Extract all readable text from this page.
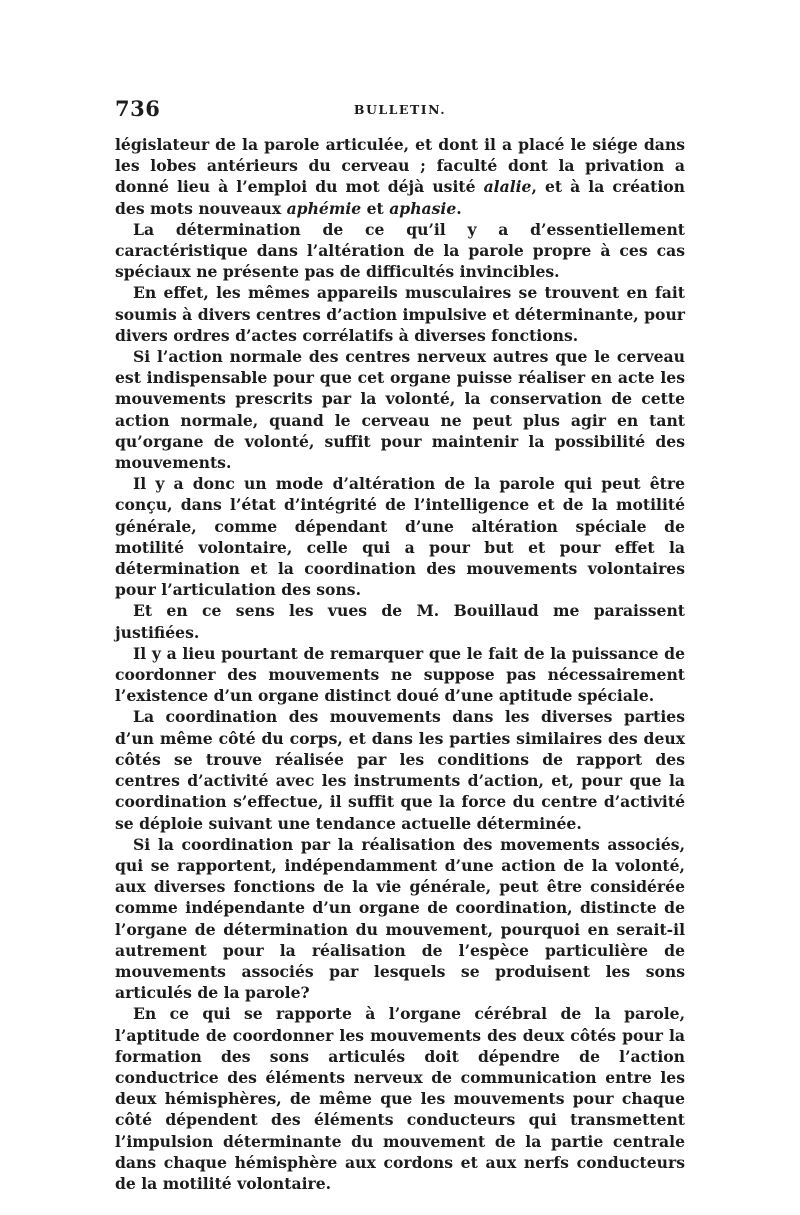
736	BULLETIN.

législateur de la parole articulée, et dont il a placé le siége dans les lobes antérieurs du cerveau ; faculté dont la privation a donné lieu à l’emploi du mot déjà usité alalie, et à la création des mots nouveaux aphémie et aphasie.

La détermination de ce qu’il y a d’essentiellement caractéristique dans l’altération de la parole propre à ces cas spéciaux ne présente pas de difficultés invincibles.

En effet, les mêmes appareils musculaires se trouvent en fait soumis à divers centres d’action impulsive et déterminante, pour divers ordres d’actes corrélatifs à diverses fonctions.

Si l’action normale des centres nerveux autres que le cerveau est indispensable pour que cet organe puisse réaliser en acte les mouvements prescrits par la volonté, la conservation de cette action normale, quand le cerveau ne peut plus agir en tant qu’organe de volonté, suffit pour maintenir la possibilité des mouvements.

Il y a donc un mode d’altération de la parole qui peut être conçu, dans l’état d’intégrité de l’intelligence et de la motilité générale, comme dépendant d’une altération spéciale de motilité volontaire, celle qui a pour but et pour effet la détermination et la coordination des mouvements volontaires pour l’articulation des sons.

Et en ce sens les vues de M. Bouillaud me paraissent justifiées.

Il y a lieu pourtant de remarquer que le fait de la puissance de coordonner des mouvements ne suppose pas nécessairement l’existence d’un organe distinct doué d’une aptitude spéciale.

La coordination des mouvements dans les diverses parties d’un même côté du corps, et dans les parties similaires des deux côtés se trouve réalisée par les conditions de rapport des centres d’activité avec les instruments d’action, et, pour que la coordination s’effectue, il suffit que la force du centre d’activité se déploie suivant une tendance actuelle déterminée.

Si la coordination par la réalisation des movements associés, qui se rapportent, indépendamment d’une action de la volonté, aux diverses fonctions de la vie générale, peut être considérée comme indépendante d’un organe de coordination, distincte de l’organe de détermination du mouvement, pourquoi en serait-il autrement pour la réalisation de l’espèce particulière de mouvements associés par lesquels se produisent les sons articulés de la parole?

En ce qui se rapporte à l’organe cérébral de la parole, l’aptitude de coordonner les mouvements des deux côtés pour la formation des sons articulés doit dépendre de l’action conductrice des éléments nerveux de communication entre les deux hémisphères, de même que les mouvements pour chaque côté dépendent des éléments conducteurs qui transmettent l’impulsion déterminante du mouvement de la partie centrale dans chaque hémisphère aux cordons et aux nerfs conducteurs de la motilité volontaire.
